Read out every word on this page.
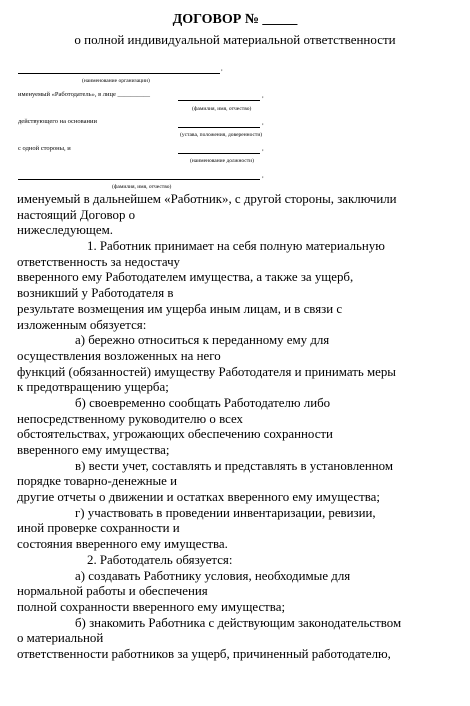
ДОГОВОР № _____
о полной индивидуальной материальной ответственности
,
(наименование организации)
именуемый «Работодатель», в лице __________	,
(фамилия, имя, отчество)
действующего на основании	,
(устава, положения, доверенности)
с одной стороны, и	,
(наименование должности)
,
(фамилия, имя, отчество)
именуемый в дальнейшем «Работник», с другой стороны, заключили
настоящий Договор о
нижеследующем.
1. Работник принимает на себя полную материальную
ответственность за недостачу
вверенного ему Работодателем имущества, а также за ущерб,
возникший у Работодателя в
результате возмещения им ущерба иным лицам, и в связи с
изложенным обязуется:
а) бережно относиться к переданному ему для
осуществления возложенных на него
функций (обязанностей) имуществу Работодателя и принимать меры
к предотвращению ущерба;
б) своевременно сообщать Работодателю либо
непосредственному руководителю о всех
обстоятельствах, угрожающих обеспечению сохранности
вверенного ему имущества;
в) вести учет, составлять и представлять в установленном
порядке товарно-денежные и
другие отчеты о движении и остатках вверенного ему имущества;
г) участвовать в проведении инвентаризации, ревизии,
иной проверке сохранности и
состояния вверенного ему имущества.
2. Работодатель обязуется:
а) создавать Работнику условия, необходимые для
нормальной работы и обеспечения
полной сохранности вверенного ему имущества;
б) знакомить Работника с действующим законодательством
о материальной
ответственности работников за ущерб, причиненный работодателю,
